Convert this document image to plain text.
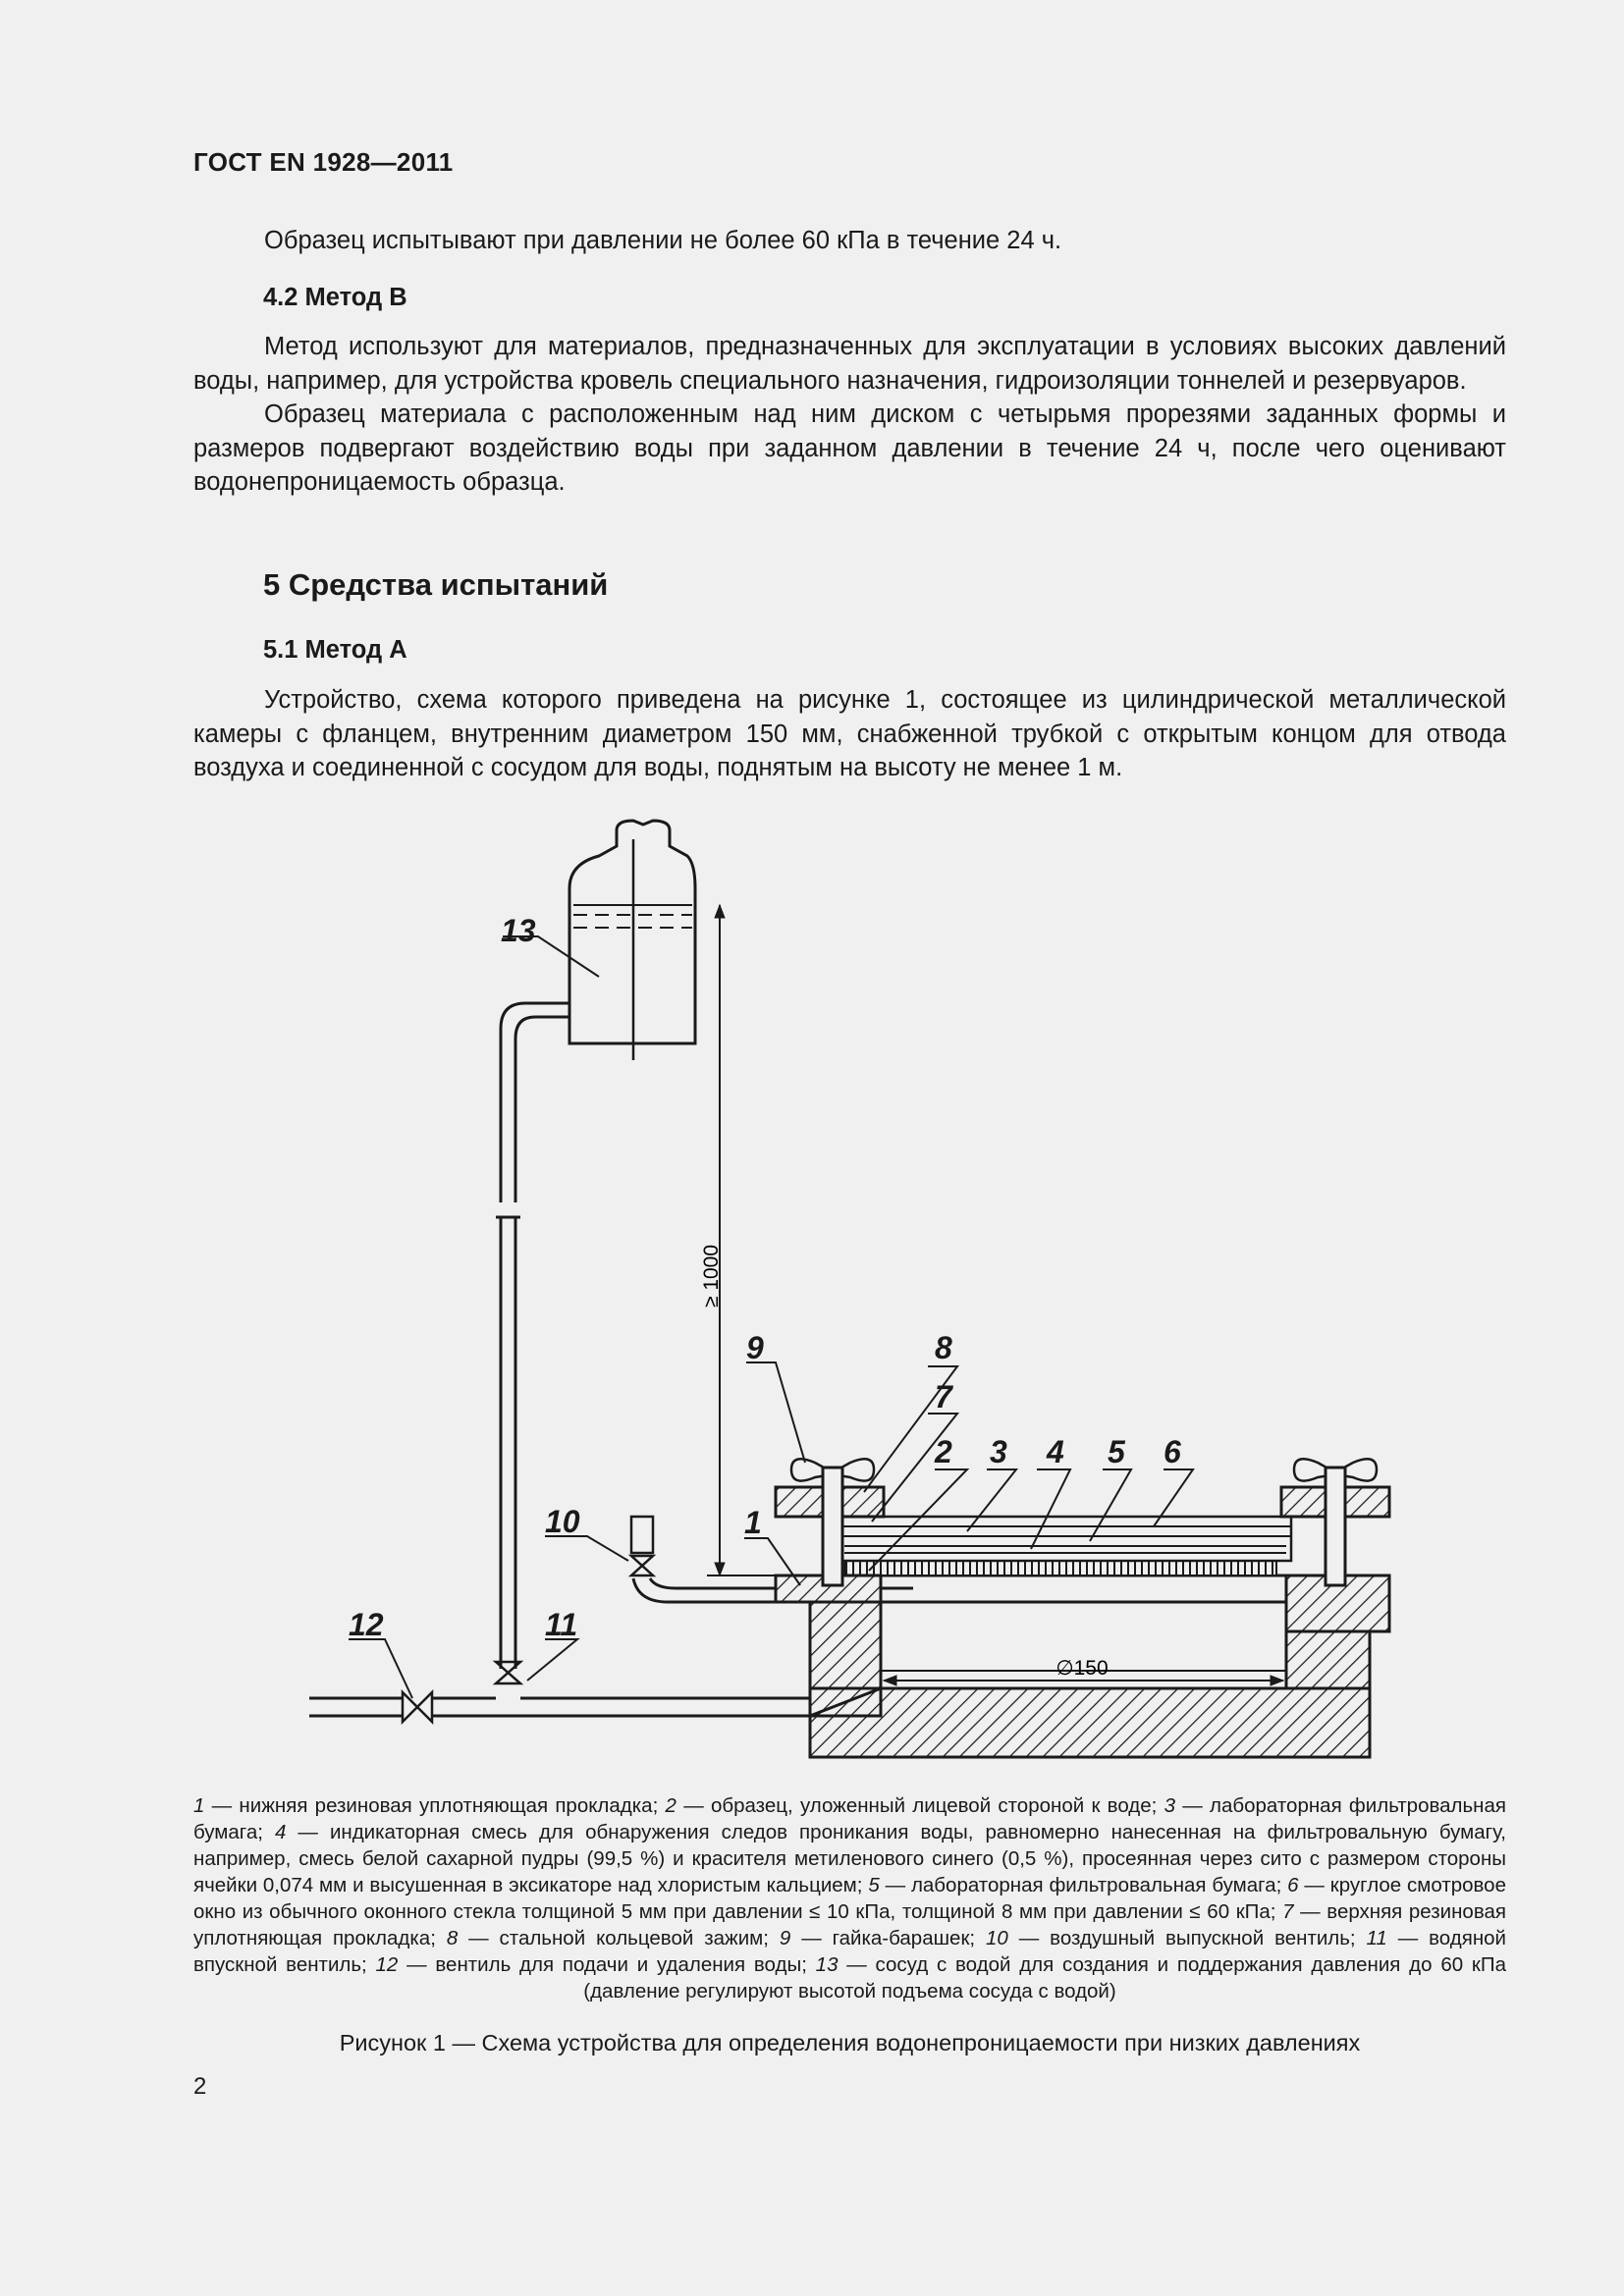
ГОСТ EN 1928—2011

Образец испытывают при давлении не более 60 кПа в течение 24 ч.

4.2 Метод В

Метод используют для материалов, предназначенных для эксплуатации в условиях высоких давлений воды, например, для устройства кровель специального назначения, гидроизоляции тоннелей и резервуаров.

Образец материала с расположенным над ним диском с четырьмя прорезями заданных формы и размеров подвергают воздействию воды при заданном давлении в течение 24 ч, после чего оценивают водонепроницаемость образца.

5 Средства испытаний
5.1 Метод А

Устройство, схема которого приведена на рисунке 1, состоящее из цилиндрической металлической камеры с фланцем, внутренним диаметром 150 мм, снабженной трубкой с открытым концом для отвода воздуха и соединенной с сосудом для воды, поднятым на высоту не менее 1 м.

≥ 1000
∅150
13
9	8
7
2 3 4 5 6
1
10
11
12
1 — нижняя резиновая уплотняющая прокладка; 2 — образец, уложенный лицевой стороной к воде; 3 — лабораторная фильтровальная бумага; 4 — индикаторная смесь для обнаружения следов проникания воды, равномерно нанесенная на фильтровальную бумагу, например, смесь белой сахарной пудры (99,5 %) и красителя метиленового синего (0,5 %), просеянная через сито с размером стороны ячейки 0,074 мм и высушенная в эксикаторе над хлористым кальцием; 5 — лабораторная фильтровальная бумага; 6 — круглое смотровое окно из обычного оконного стекла толщиной 5 мм при давлении ≤ 10 кПа, толщиной 8 мм при давлении ≤ 60 кПа; 7 — верхняя резиновая уплотняющая прокладка; 8 — стальной кольцевой зажим; 9 — гайка-барашек; 10 — воздушный выпускной вентиль; 11 — водяной впускной вентиль; 12 — вентиль для подачи и удаления воды; 13 — сосуд с водой для создания и поддержания давления до 60 кПа (давление регулируют высотой подъема сосуда с водой)
Рисунок 1 — Схема устройства для определения водонепроницаемости при низких давлениях
2
